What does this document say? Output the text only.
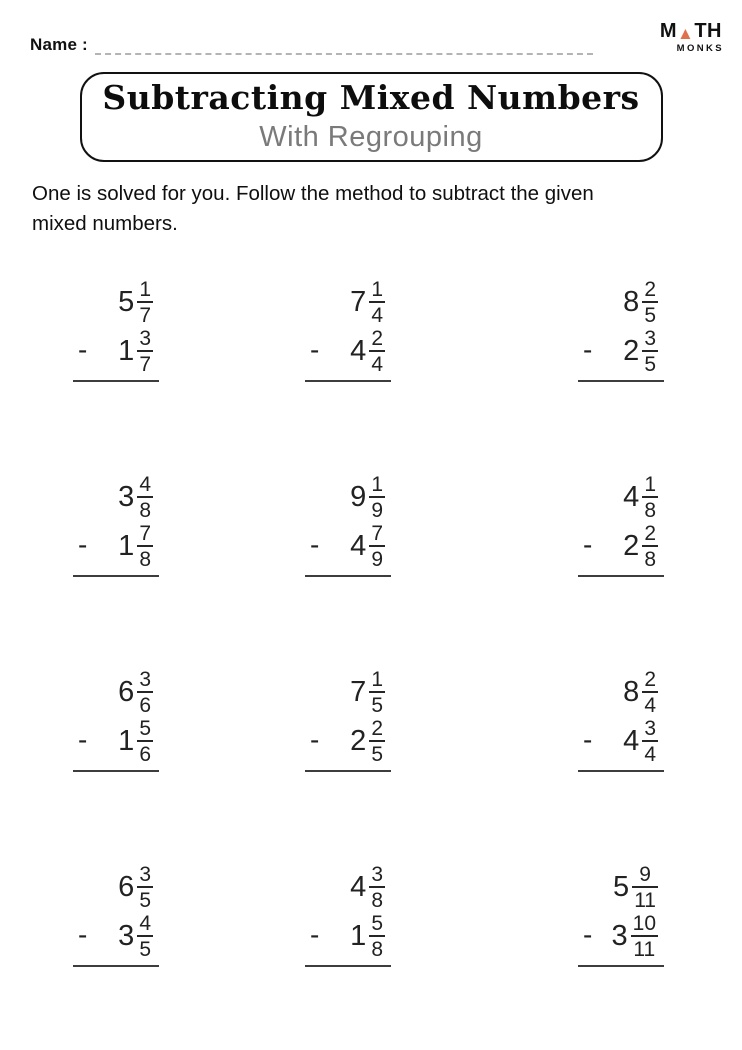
Name :
M ▲ TH
MONKS
Subtracting Mixed Numbers
With Regrouping
One is solved for you. Follow the method to subtract the given mixed numbers.
$5 \frac{1}{7}$
- $1 \frac{3}{7}$
$7 \frac{1}{4}$
- $4 \frac{2}{4}$
$8 \frac{2}{5}$
- $2 \frac{3}{5}$
$3 \frac{4}{8}$
- $1 \frac{7}{8}$
$9 \frac{1}{9}$
- $4 \frac{7}{9}$
$4 \frac{1}{8}$
- $2 \frac{2}{8}$
$6 \frac{3}{6}$
- $1 \frac{5}{6}$
$7 \frac{1}{5}$
- $2 \frac{2}{5}$
$8 \frac{2}{4}$
- $4 \frac{3}{4}$
$6 \frac{3}{5}$
- $3 \frac{4}{5}$
$4 \frac{3}{8}$
- $1 \frac{5}{8}$
$5 \frac{9}{11}$
- $3 \frac{10}{11}$
